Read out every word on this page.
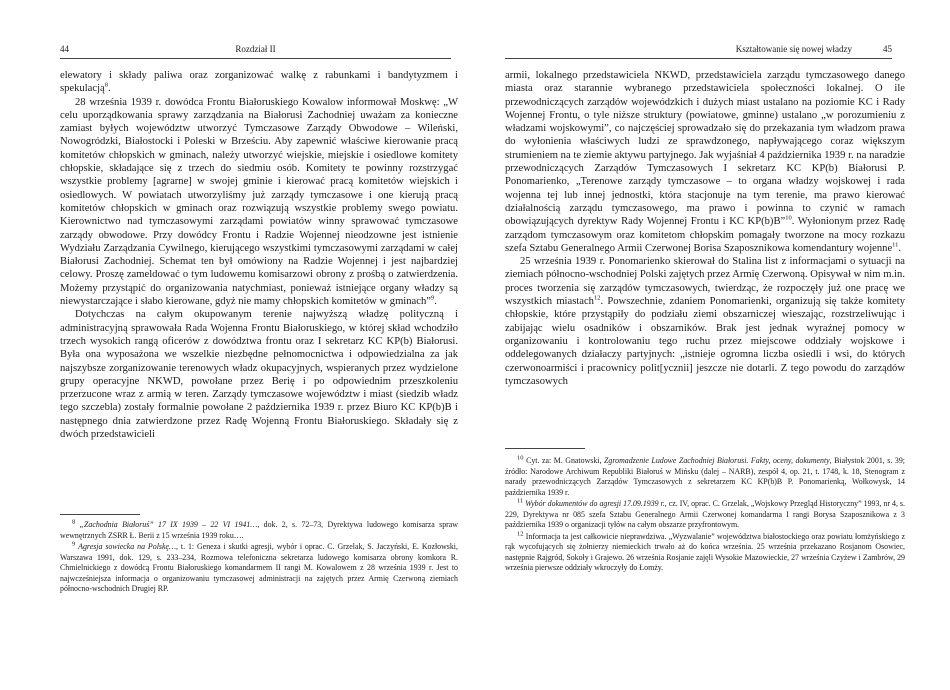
44	Rozdział II

elewatory i składy paliwa oraz zorganizować walkę z rabunkami i bandytyzmem i spekulacją$^8$.

28 września 1939 r. dowódca Frontu Białoruskiego Kowalow informował Moskwę: „W celu uporządkowania sprawy zarządzania na Białorusi Zachodniej uważam za konieczne zamiast byłych województw utworzyć Tymczasowe Zarządy Obwodowe – Wileński, Nowogródzki, Białostocki i Poleski w Brześciu. Aby zapewnić właściwe kierowanie pracą komitetów chłopskich w gminach, należy utworzyć wiejskie, miejskie i osiedlowe komitety chłopskie, składające się z trzech do siedmiu osób. Komitety te powinny rozstrzygać wszystkie problemy [agrarne] w swojej gminie i kierować pracą komitetów wiejskich i osiedlowych. W powiatach utworzyliśmy już zarządy tymczasowe i one kierują pracą komitetów chłopskich w gminach oraz rozwiązują wszystkie problemy swego powiatu. Kierownictwo nad tymczasowymi zarządami powiatów winny sprawować tymczasowe zarządy obwodowe. Przy dowódcy Frontu i Radzie Wojennej nieodzowne jest istnienie Wydziału Zarządzania Cywilnego, kierującego wszystkimi tymczasowymi zarządami w całej Białorusi Zachodniej. Schemat ten był omówiony na Radzie Wojennej i jest najbardziej celowy. Proszę zameldować o tym ludowemu komisarzowi obrony z prośbą o zatwierdzenia. Możemy przystąpić do organizowania natychmiast, ponieważ istniejące organy władzy są niewystarczające i słabo kierowane, gdyż nie mamy chłopskich komitetów w gminach”$^9$.

Dotychczas na całym okupowanym terenie najwyższą władzę polityczną i administracyjną sprawowała Rada Wojenna Frontu Białoruskiego, w której skład wchodziło trzech wysokich rangą oficerów z dowództwa frontu oraz I sekretarz KC KP(b) Białorusi. Była ona wyposażona we wszelkie niezbędne pełnomocnictwa i odpowiedzialna za jak najszybsze zorganizowanie terenowych władz okupacyjnych, wspieranych przez wydzielone grupy operacyjne NKWD, powołane przez Berię i po odpowiednim przeszkoleniu przerzucone wraz z armią w teren. Zarządy tymczasowe województw i miast (siedzib władz tego szczebla) zostały formalnie powołane 2 października 1939 r. przez Biuro KC KP(b)B i następnego dnia zatwierdzone przez Radę Wojenną Frontu Białoruskiego. Składały się z dwóch przedstawicieli

$^8$ „Zachodnia Białoruś” 17 IX 1939 – 22 VI 1941…, dok. 2, s. 72–73, Dyrektywa ludowego komisarza spraw wewnętrznych ZSRR Ł. Berii z 15 września 1939 roku….

$^9$ Agresja sowiecka na Polskę…, t. 1: Geneza i skutki agresji, wybór i oprac. C. Grzelak, S. Jaczyński, E. Kozłowski, Warszawa 1991, dok. 129, s. 233–234, Rozmowa telefoniczna sekretarza ludowego komisarza obrony komkora R. Chmielnickiego z dowódcą Frontu Białoruskiego komandarmem II rangi M. Kowalowem z 28 września 1939 r. Jest to najwcześniejsza informacja o organizowaniu tymczasowej administracji na zajętych przez Armię Czerwoną ziemiach północno-wschodnich Drugiej RP.

Kształtowanie się nowej władzy	45

armii, lokalnego przedstawiciela NKWD, przedstawiciela zarządu tymczasowego danego miasta oraz starannie wybranego przedstawiciela społeczności lokalnej. O ile przewodniczących zarządów wojewódzkich i dużych miast ustalano na poziomie KC i Rady Wojennej Frontu, o tyle niższe struktury (powiatowe, gminne) ustalano „w porozumieniu z władzami wojskowymi”, co najczęściej sprowadzało się do przekazania tym władzom prawa do wyłonienia właściwych ludzi ze sprawdzonego, napływającego coraz większym strumieniem na te ziemie aktywu partyjnego. Jak wyjaśniał 4 października 1939 r. na naradzie przewodniczących Zarządów Tymczasowych I sekretarz KC KP(b) Białorusi P. Ponomarienko, „Terenowe zarządy tymczasowe – to organa władzy wojskowej i rada wojenna tej lub innej jednostki, która stacjonuje na tym terenie, ma prawo kierować działalnością zarządu tymczasowego, ma prawo i powinna to czynić w ramach obowiązujących dyrektyw Rady Wojennej Frontu i KC KP(b)B”$^{10}$. Wyłonionym przez Radę zarządom tymczasowym oraz komitetom chłopskim pomagały tworzone na mocy rozkazu szefa Sztabu Generalnego Armii Czerwonej Borisa Szaposznikowa komendantury wojenne$^{11}$.

25 września 1939 r. Ponomarienko skierował do Stalina list z informacjami o sytuacji na ziemiach północno-wschodniej Polski zajętych przez Armię Czerwoną. Opisywał w nim m.in. proces tworzenia się zarządów tymczasowych, twierdząc, że rozpoczęły już one pracę we wszystkich miastach$^{12}$. Powszechnie, zdaniem Ponomarienki, organizują się także komitety chłopskie, które przystąpiły do podziału ziemi obszarniczej wieszając, rozstrzeliwując i zabijając wielu osadników i obszarników. Brak jest jednak wyraźnej pomocy w organizowaniu i kontrolowaniu tego ruchu przez miejscowe oddziały wojskowe i oddelegowanych działaczy partyjnych: „istnieje ogromna liczba osiedli i wsi, do których czerwonoarmiści i pracownicy polit[ycznii] jeszcze nie dotarli. Z tego powodu do zarządów tymczasowych

$^{10}$ Cyt. za: M. Gnatowski, Zgromadzenie Ludowe Zachodniej Białorusi. Fakty, oceny, dokumenty, Białystok 2001, s. 39; źródło: Narodowe Archiwum Republiki Białoruś w Mińsku (dalej – NARB), zespół 4, op. 21, t. 1748, k. 18, Stenogram z narady przewodniczących Zarządów Tymczasowych z sekretarzem KC KP(b)B P. Ponomarienką, Wołkowysk, 14 października 1939 r.

$^{11}$ Wybór dokumentów do agresji 17.09.1939 r., cz. IV, oprac. C. Grzelak, „Wojskowy Przegląd Historyczny” 1993, nr 4, s. 229, Dyrektywa nr 085 szefa Sztabu Generalnego Armii Czerwonej komandarma I rangi Borysa Szaposznikowa z 3 października 1939 o organizacji tyłów na całym obszarze przyfrontowym.

$^{12}$ Informacja ta jest całkowicie nieprawdziwa. „Wyzwalanie” województwa białostockiego oraz powiatu łomżyńskiego z rąk wycofujących się żołnierzy niemieckich trwało aż do końca września. 25 września przekazano Rosjanom Osowiec, następnie Rajgród, Sokoły i Grajewo. 26 września Rosjanie zajęli Wysokie Mazowieckie, 27 września Czyżew i Zambrów, 29 września pierwsze oddziały wkroczyły do Łomży.
